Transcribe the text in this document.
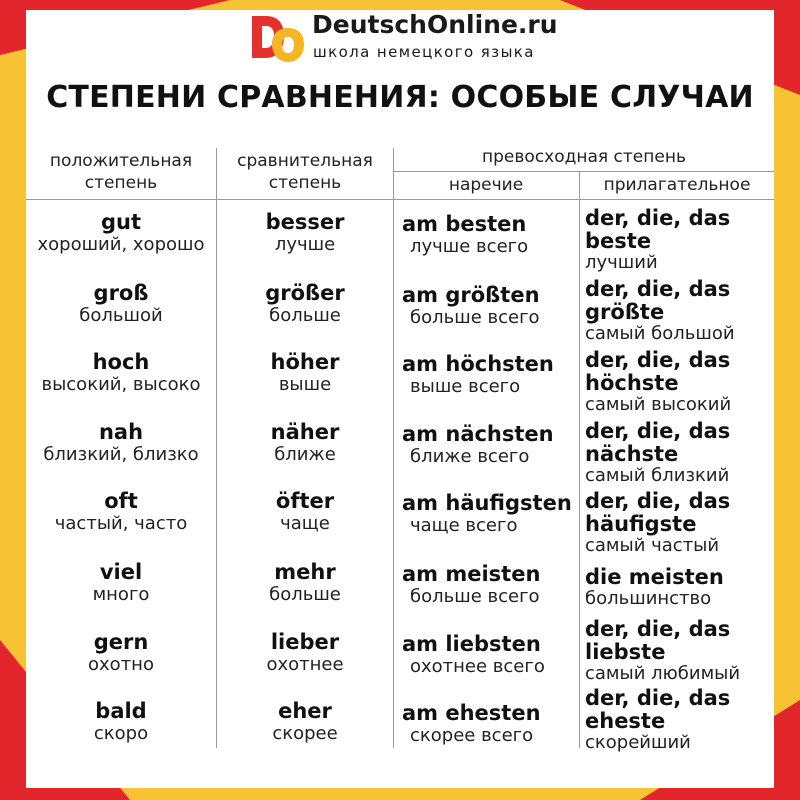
DeutschOnline.ru
школа немецкого языка
СТЕПЕНИ СРАВНЕНИЯ: ОСОБЫЕ СЛУЧАИ
положительная
степень
сравнительная
степень
превосходная степень
наречие	прилагательное
gut
хороший, хорошо
besser
лучше
am besten
лучше всего
der, die, das
beste
лучший
groß
большой
größer
больше
am größten
больше всего
der, die, das
größte
самый большой
hoch
высокий, высоко
höher
выше
am höchsten
выше всего
der, die, das
höchste
самый высокий
nah
близкий, близко
näher
ближе
am nächsten
ближе всего
der, die, das
nächste
самый близкий
oft
частый, часто
öfter
чаще
am häufigsten
чаще всего
der, die, das
häufigste
самый частый
viel
много
mehr
больше
am meisten
больше всего
die meisten
большинство
gern
охотно
lieber
охотнее
am liebsten
охотнее всего
der, die, das
liebste
самый любимый
bald
скоро
eher
скорее
am ehesten
скорее всего
der, die, das
eheste
скорейший
